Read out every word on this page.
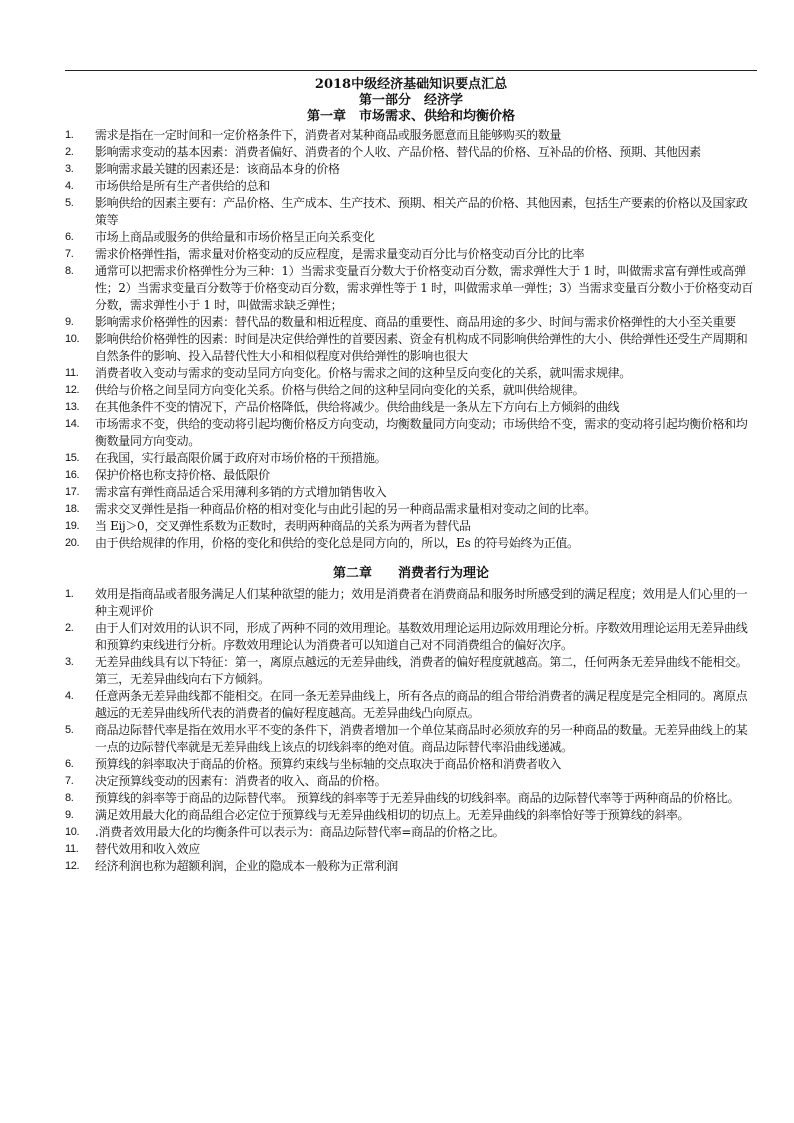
2018中级经济基础知识要点汇总
第一部分　经济学
第一章　市场需求、供给和均衡价格
1.	需求是指在一定时间和一定价格条件下，消费者对某种商品或服务愿意而且能够购买的数量
2.	影响需求变动的基本因素：消费者偏好、消费者的个人收、产品价格、替代品的价格、互补品的价格、预期、其他因素
3.	影响需求最关键的因素还是：该商品本身的价格
4.	市场供给是所有生产者供给的总和
5.	影响供给的因素主要有：产品价格、生产成本、生产技术、预期、相关产品的价格、其他因素，包括生产要素的价格以及国家政策等
6.	市场上商品或服务的供给量和市场价格呈正向关系变化
7.	需求价格弹性指，需求量对价格变动的反应程度，是需求量变动百分比与价格变动百分比的比率
8.	通常可以把需求价格弹性分为三种：1）当需求变量百分数大于价格变动百分数，需求弹性大于 1 时，叫做需求富有弹性或高弹性；2）当需求变量百分数等于价格变动百分数，需求弹性等于 1 时，叫做需求单一弹性；3）当需求变量百分数小于价格变动百分数，需求弹性小于 1 时，叫做需求缺乏弹性；
9.	影响需求价格弹性的因素：替代品的数量和相近程度、商品的重要性、商品用途的多少、时间与需求价格弹性的大小至关重要
10.	影响供给价格弹性的因素：时间是决定供给弹性的首要因素、资金有机构成不同影响供给弹性的大小、供给弹性还受生产周期和自然条件的影响、投入品替代性大小和相似程度对供给弹性的影响也很大
11.	消费者收入变动与需求的变动呈同方向变化。价格与需求之间的这种呈反向变化的关系，就叫需求规律。
12.	供给与价格之间呈同方向变化关系。价格与供给之间的这种呈同向变化的关系，就叫供给规律。
13.	在其他条件不变的情况下，产品价格降低，供给将减少。供给曲线是一条从左下方向右上方倾斜的曲线
14.	市场需求不变，供给的变动将引起均衡价格反方向变动，均衡数量同方向变动；市场供给不变，需求的变动将引起均衡价格和均衡数量同方向变动。
15.	在我国，实行最高限价属于政府对市场价格的干预措施。
16.	保护价格也称支持价格、最低限价
17.	需求富有弹性商品适合采用薄利多销的方式增加销售收入
18.	需求交叉弹性是指一种商品价格的相对变化与由此引起的另一种商品需求量相对变动之间的比率。
19.	当 Eij＞0，交叉弹性系数为正数时，表明两种商品的关系为两者为替代品
20.	由于供给规律的作用，价格的变化和供给的变化总是同方向的，所以，Es 的符号始终为正值。
第二章　　消费者行为理论
1.	效用是指商品或者服务满足人们某种欲望的能力；效用是消费者在消费商品和服务时所感受到的满足程度；效用是人们心里的一种主观评价
2.	由于人们对效用的认识不同，形成了两种不同的效用理论。基数效用理论运用边际效用理论分析。序数效用理论运用无差异曲线和预算约束线进行分析。序数效用理论认为消费者可以知道自己对不同消费组合的偏好次序。
3.	无差异曲线具有以下特征：第一，离原点越远的无差异曲线，消费者的偏好程度就越高。第二，任何两条无差异曲线不能相交。第三，无差异曲线向右下方倾斜。
4.	任意两条无差异曲线都不能相交。在同一条无差异曲线上，所有各点的商品的组合带给消费者的满足程度是完全相同的。离原点越远的无差异曲线所代表的消费者的偏好程度越高。无差异曲线凸向原点。
5.	商品边际替代率是指在效用水平不变的条件下，消费者增加一个单位某商品时必须放弃的另一种商品的数量。无差异曲线上的某一点的边际替代率就是无差异曲线上该点的切线斜率的绝对值。商品边际替代率沿曲线递减。
6.	预算线的斜率取决于商品的价格。预算约束线与坐标轴的交点取决于商品价格和消费者收入
7.	决定预算线变动的因素有：消费者的收入、商品的价格。
8.	预算线的斜率等于商品的边际替代率。 预算线的斜率等于无差异曲线的切线斜率。商品的边际替代率等于两种商品的价格比。
9.	满足效用最大化的商品组合必定位于预算线与无差异曲线相切的切点上。无差异曲线的斜率恰好等于预算线的斜率。
10.	.消费者效用最大化的均衡条件可以表示为：商品边际替代率=商品的价格之比。
11.	替代效用和收入效应
12.	经济利润也称为超额利润，企业的隐成本一般称为正常利润
